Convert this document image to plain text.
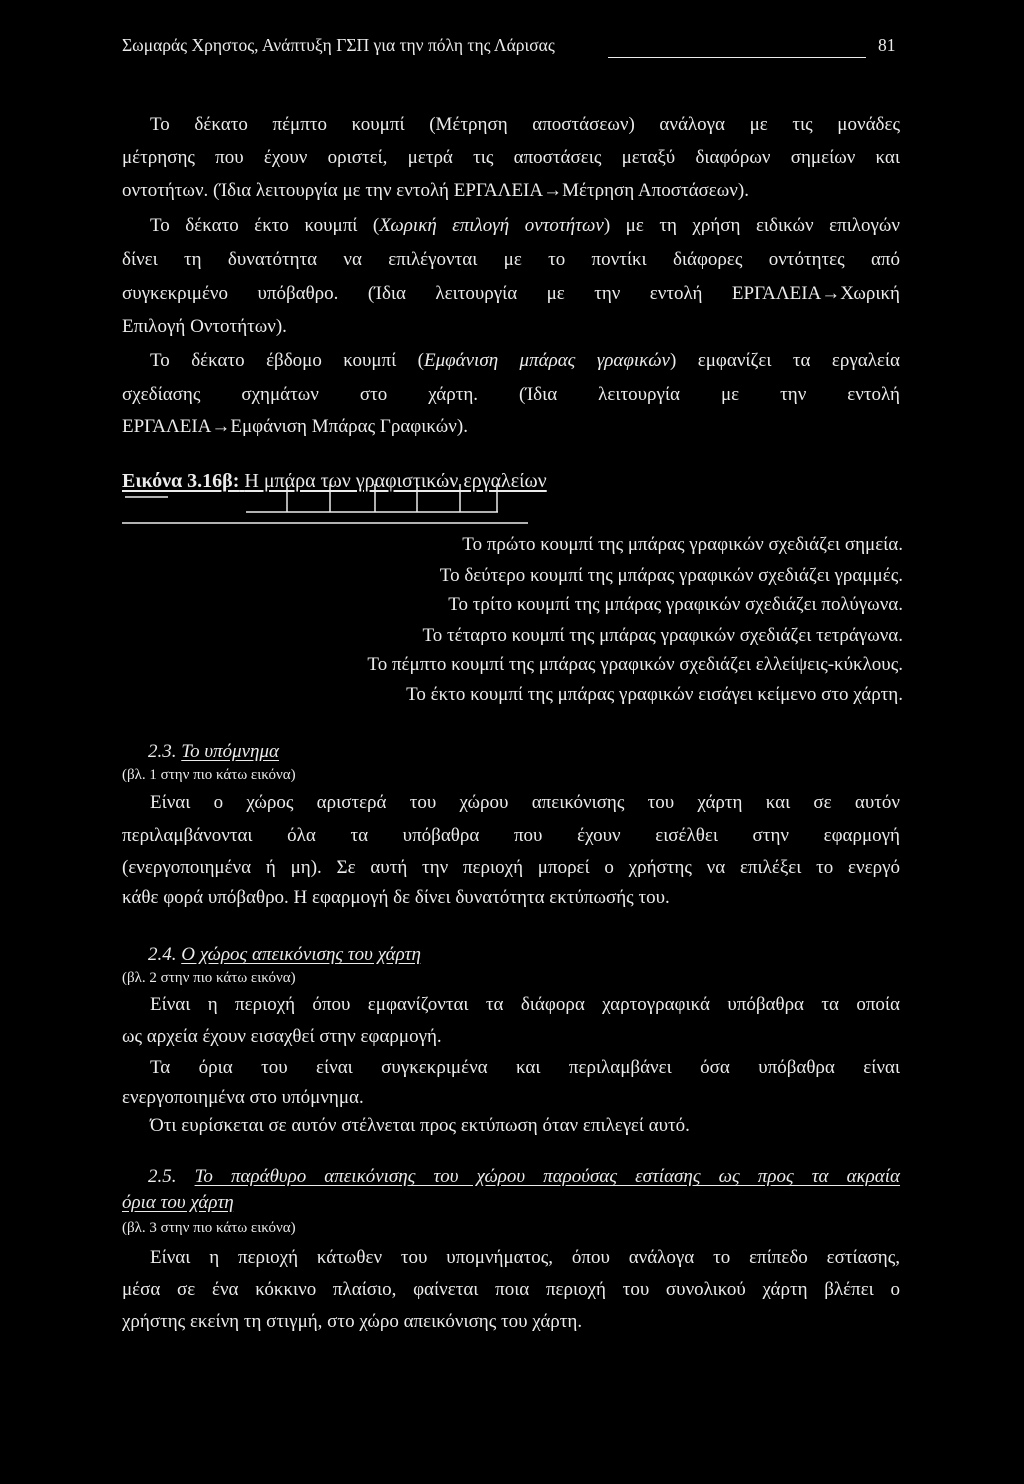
Σωμαράς Χρηστος, Ανάπτυξη ΓΣΠ για την πόλη της Λάρισας	81
Το δέκατο πέμπτο κουμπί (Μέτρηση αποστάσεων) ανάλογα με τις μονάδες
μέτρησης που έχουν οριστεί, μετρά τις αποστάσεις μεταξύ διαφόρων σημείων και
οντοτήτων. (Ίδια λειτουργία με την εντολή ΕΡΓΑΛΕΙΑ→Μέτρηση Αποστάσεων).
Το δέκατο έκτο κουμπί (Χωρική επιλογή οντοτήτων) με τη χρήση ειδικών επιλογών
δίνει τη δυνατότητα να επιλέγονται με το ποντίκι διάφορες οντότητες από
συγκεκριμένο υπόβαθρο. (Ίδια λειτουργία με την εντολή ΕΡΓΑΛΕΙΑ→Χωρική
Επιλογή Οντοτήτων).
Το δέκατο έβδομο κουμπί (Εμφάνιση μπάρας γραφικών) εμφανίζει τα εργαλεία
σχεδίασης σχημάτων στο χάρτη. (Ίδια λειτουργία με την εντολή
ΕΡΓΑΛΕΙΑ→Εμφάνιση Μπάρας Γραφικών).
Εικόνα 3.16β: Η μπάρα των γραφιστικών εργαλείων
Το πρώτο κουμπί της μπάρας γραφικών σχεδιάζει σημεία.
Το δεύτερο κουμπί της μπάρας γραφικών σχεδιάζει γραμμές.
Το τρίτο κουμπί της μπάρας γραφικών σχεδιάζει πολύγωνα.
Το τέταρτο κουμπί της μπάρας γραφικών σχεδιάζει τετράγωνα.
Το πέμπτο κουμπί της μπάρας γραφικών σχεδιάζει ελλείψεις-κύκλους.
Το έκτο κουμπί της μπάρας γραφικών εισάγει κείμενο στο χάρτη.
2.3. Το υπόμνημα
(βλ. 1 στην πιο κάτω εικόνα)
Είναι ο χώρος αριστερά του χώρου απεικόνισης του χάρτη και σε αυτόν
περιλαμβάνονται όλα τα υπόβαθρα που έχουν εισέλθει στην εφαρμογή
(ενεργοποιημένα ή μη). Σε αυτή την περιοχή μπορεί ο χρήστης να επιλέξει το ενεργό
κάθε φορά υπόβαθρο. Η εφαρμογή δε δίνει δυνατότητα εκτύπωσής του.
2.4. Ο χώρος απεικόνισης του χάρτη
(βλ. 2 στην πιο κάτω εικόνα)
Είναι η περιοχή όπου εμφανίζονται τα διάφορα χαρτογραφικά υπόβαθρα τα οποία
ως αρχεία έχουν εισαχθεί στην εφαρμογή.
Τα όρια του είναι συγκεκριμένα και περιλαμβάνει όσα υπόβαθρα είναι
ενεργοποιημένα στο υπόμνημα.
Ότι ευρίσκεται σε αυτόν στέλνεται προς εκτύπωση όταν επιλεγεί αυτό.
2.5. Το παράθυρο απεικόνισης του χώρου παρούσας εστίασης ως προς τα ακραία
όρια του χάρτη
(βλ. 3 στην πιο κάτω εικόνα)
Είναι η περιοχή κάτωθεν του υπομνήματος, όπου ανάλογα το επίπεδο εστίασης,
μέσα σε ένα κόκκινο πλαίσιο, φαίνεται ποια περιοχή του συνολικού χάρτη βλέπει ο
χρήστης εκείνη τη στιγμή, στο χώρο απεικόνισης του χάρτη.
